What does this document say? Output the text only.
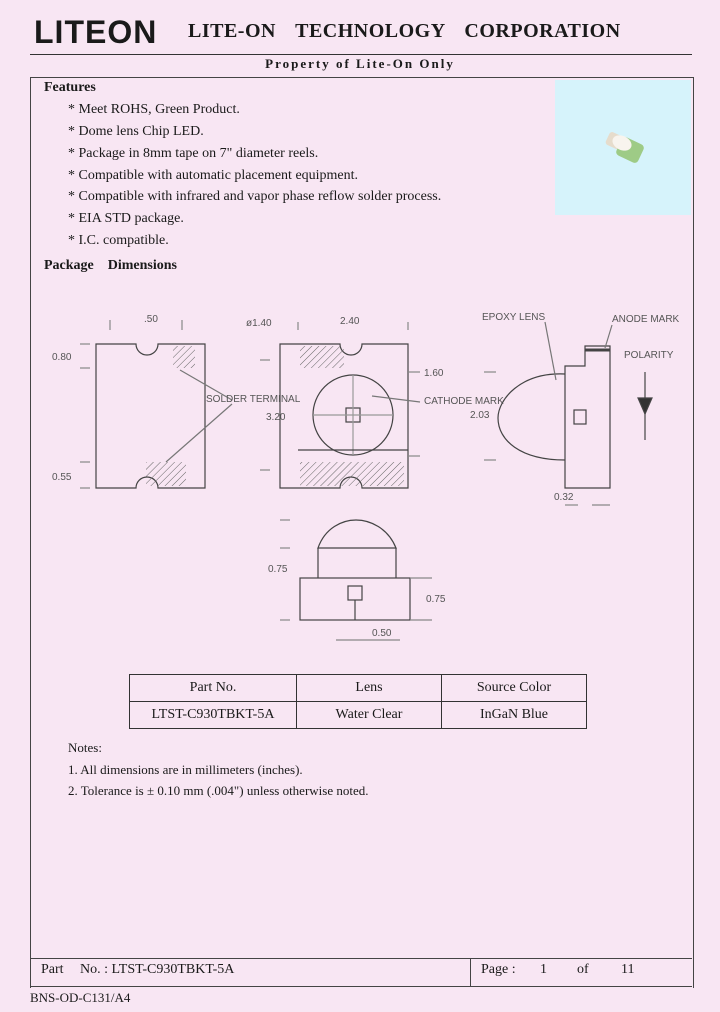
LITEON LITE-ON TECHNOLOGY CORPORATION
Property of Lite-On Only
Features
* Meet ROHS, Green Product.
* Dome lens Chip LED.
* Package in 8mm tape on 7" diameter reels.
* Compatible with automatic placement equipment.
* Compatible with infrared and vapor phase reflow solder process.
* EIA STD package.
* I.C. compatible.
Package    Dimensions
.50
0.80
0.55
SOLDER TERMINAL
ø1.40	2.40
3.20
1.60
CATHODE MARK
EPOXY LENS	ANODE MARK
POLARITY
2.03
0.32
0.75
0.75
0.50
Part No.	Lens	Source Color
LTST-C930TBKT-5A	Water Clear	InGaN Blue
Notes:
1. All dimensions are in millimeters (inches).
2. Tolerance is ± 0.10 mm (.004") unless otherwise noted.
Part No. : LTST-C930TBKT-5A	Page : 1 of 11
BNS-OD-C131/A4
